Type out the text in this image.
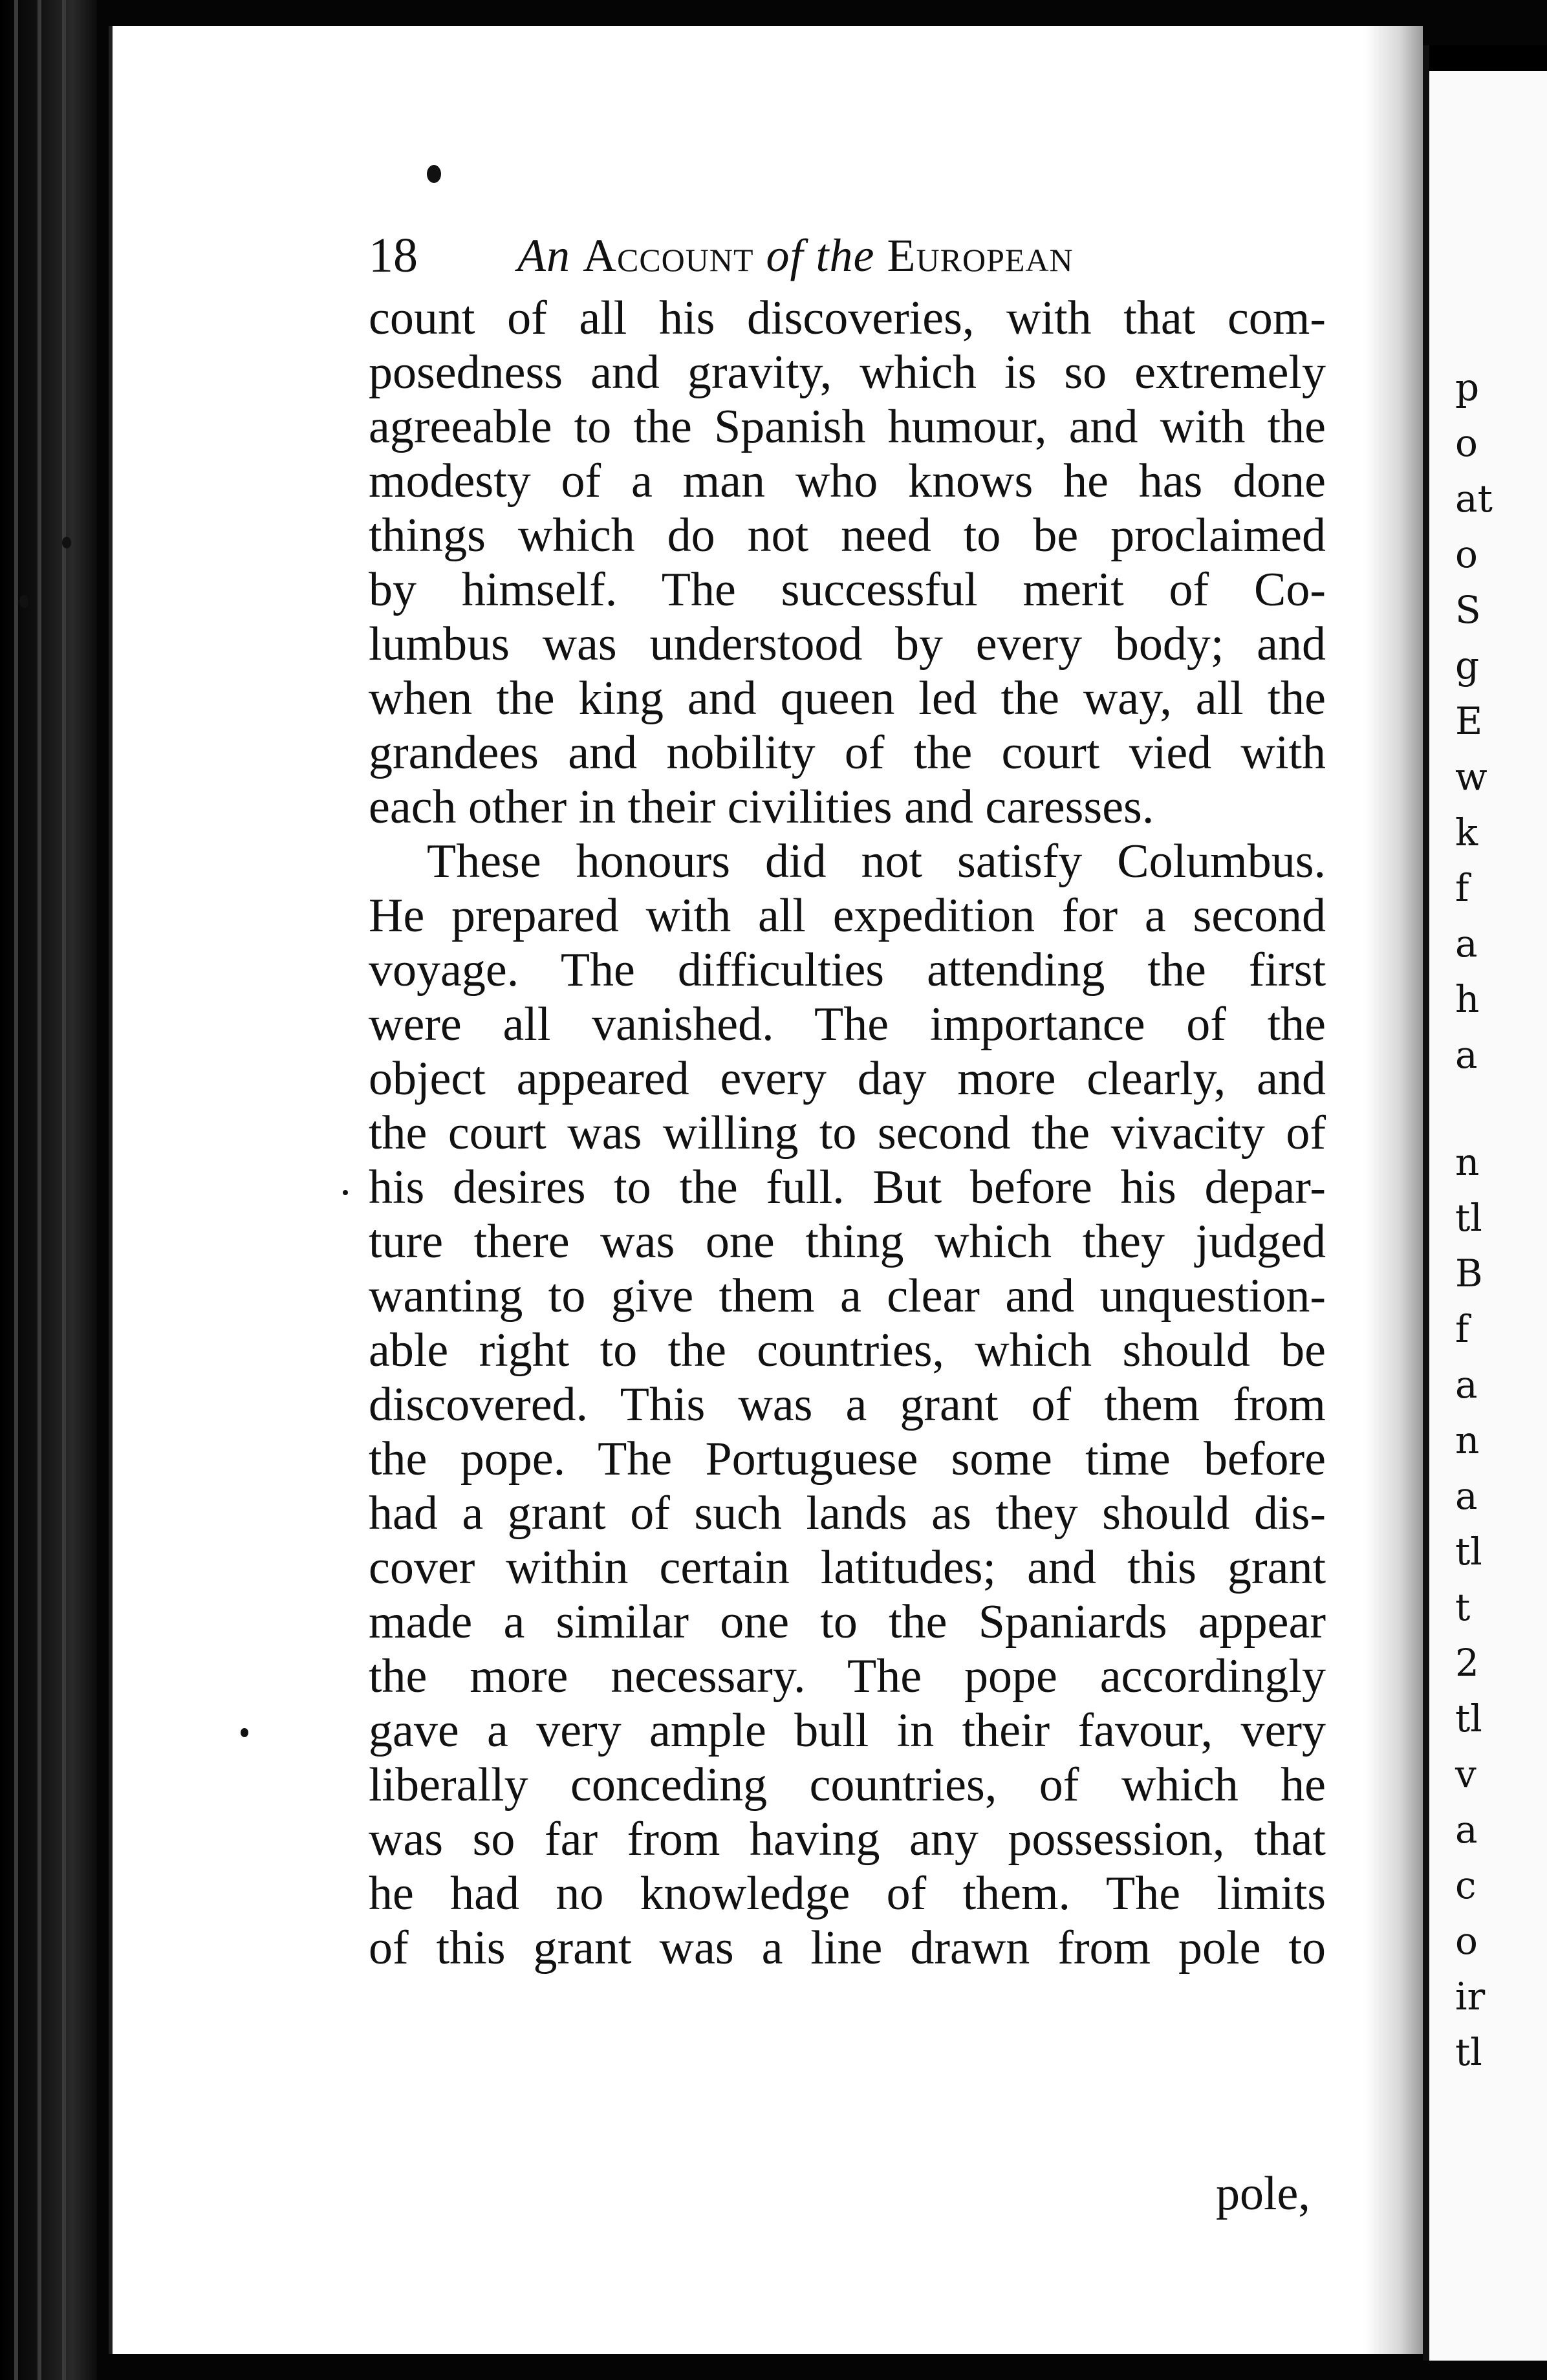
p
o
at
o
S
g
E
w
k
f
a
h
a
n
tl
B
f
a
n
a
tl
t
2
tl
v
a
c
o
ir
tl
18 An Account of the European
count of all his discoveries, with that com-
posedness and gravity, which is so extremely
agreeable to the Spanish humour, and with the
modesty of a man who knows he has done
things which do not need to be proclaimed
by himself. The successful merit of Co-
lumbus was understood by every body; and
when the king and queen led the way, all the
grandees and nobility of the court vied with
each other in their civilities and caresses.
These honours did not satisfy Columbus.
He prepared with all expedition for a second
voyage. The difficulties attending the first
were all vanished. The importance of the
object appeared every day more clearly, and
the court was willing to second the vivacity of
his desires to the full. But before his depar-
ture there was one thing which they judged
wanting to give them a clear and unquestion-
able right to the countries, which should be
discovered. This was a grant of them from
the pope. The Portuguese some time before
had a grant of such lands as they should dis-
cover within certain latitudes; and this grant
made a similar one to the Spaniards appear
the more necessary. The pope accordingly
gave a very ample bull in their favour, very
liberally conceding countries, of which he
was so far from having any possession, that
he had no knowledge of them. The limits
of this grant was a line drawn from pole to
pole,
